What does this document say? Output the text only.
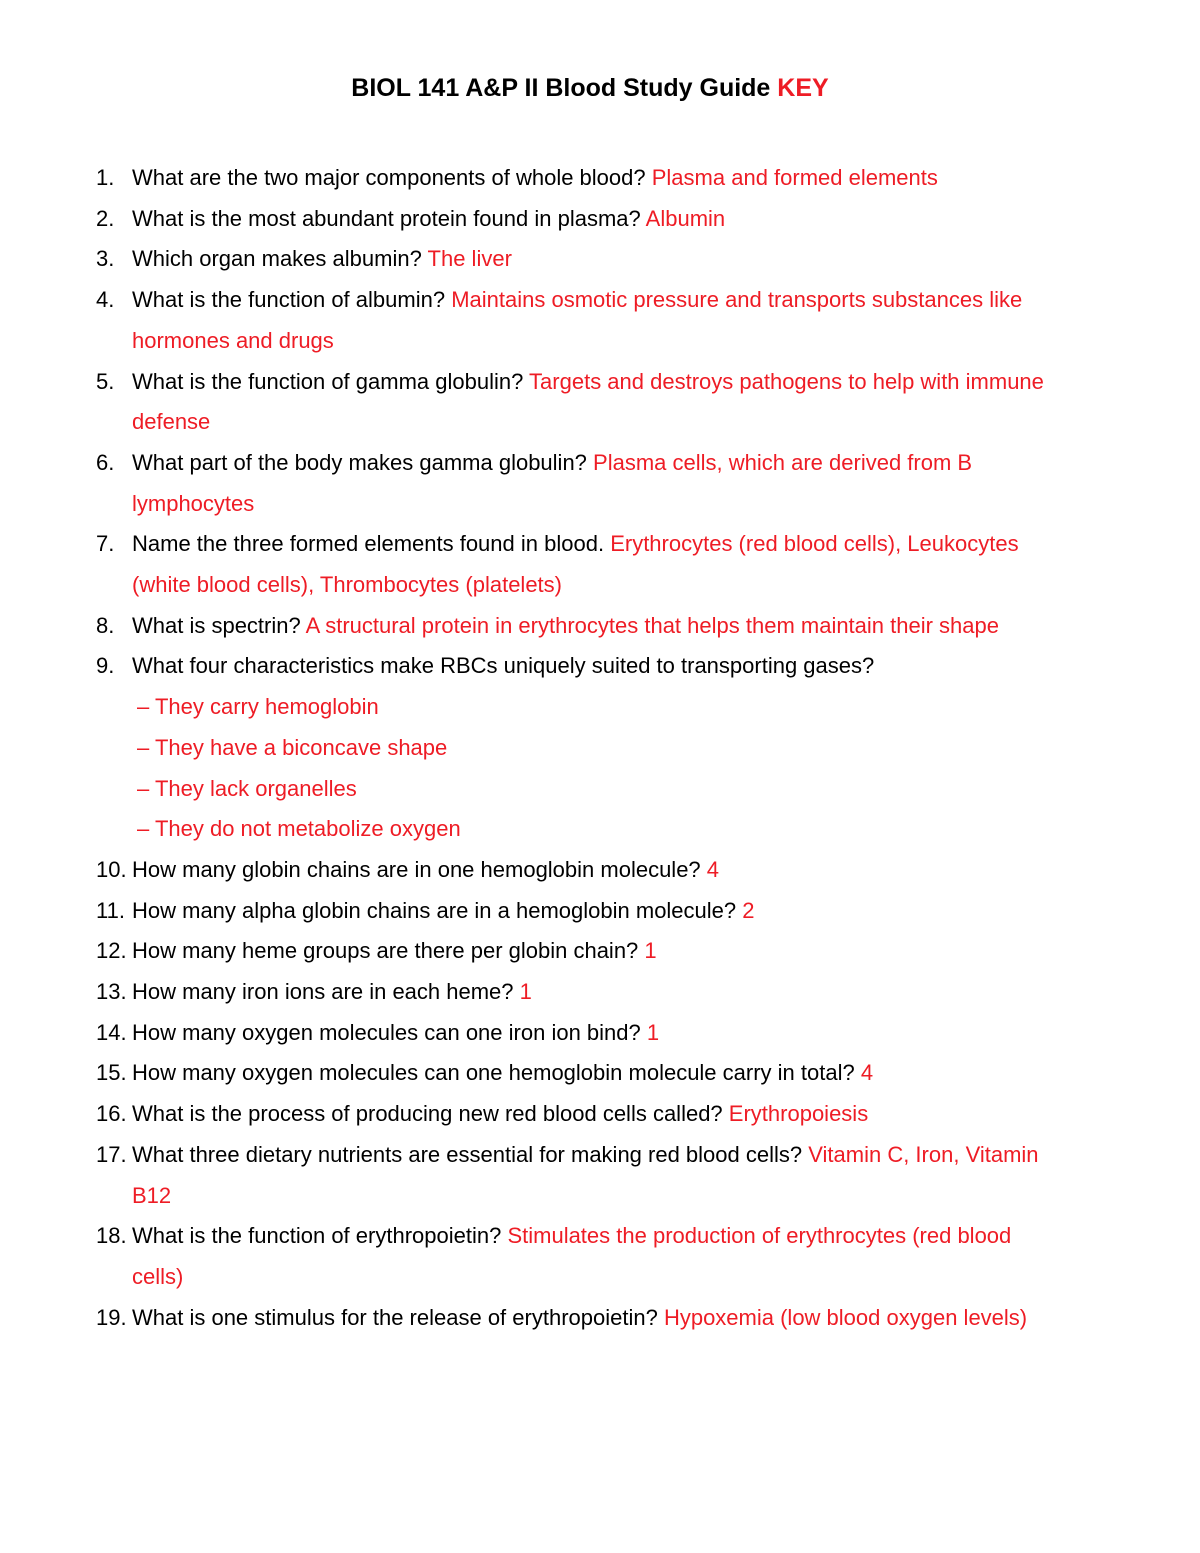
BIOL 141 A&P II Blood Study Guide KEY
1. What are the two major components of whole blood? Plasma and formed elements
2. What is the most abundant protein found in plasma? Albumin
3. Which organ makes albumin? The liver
4. What is the function of albumin? Maintains osmotic pressure and transports substances like hormones and drugs
5. What is the function of gamma globulin? Targets and destroys pathogens to help with immune defense
6. What part of the body makes gamma globulin? Plasma cells, which are derived from B lymphocytes
7. Name the three formed elements found in blood. Erythrocytes (red blood cells), Leukocytes (white blood cells), Thrombocytes (platelets)
8. What is spectrin? A structural protein in erythrocytes that helps them maintain their shape
9. What four characteristics make RBCs uniquely suited to transporting gases?
– They carry hemoglobin
– They have a biconcave shape
– They lack organelles
– They do not metabolize oxygen
10. How many globin chains are in one hemoglobin molecule? 4
11. How many alpha globin chains are in a hemoglobin molecule? 2
12. How many heme groups are there per globin chain? 1
13. How many iron ions are in each heme? 1
14. How many oxygen molecules can one iron ion bind? 1
15. How many oxygen molecules can one hemoglobin molecule carry in total? 4
16. What is the process of producing new red blood cells called? Erythropoiesis
17. What three dietary nutrients are essential for making red blood cells? Vitamin C, Iron, Vitamin B12
18. What is the function of erythropoietin? Stimulates the production of erythrocytes (red blood cells)
19. What is one stimulus for the release of erythropoietin? Hypoxemia (low blood oxygen levels)
